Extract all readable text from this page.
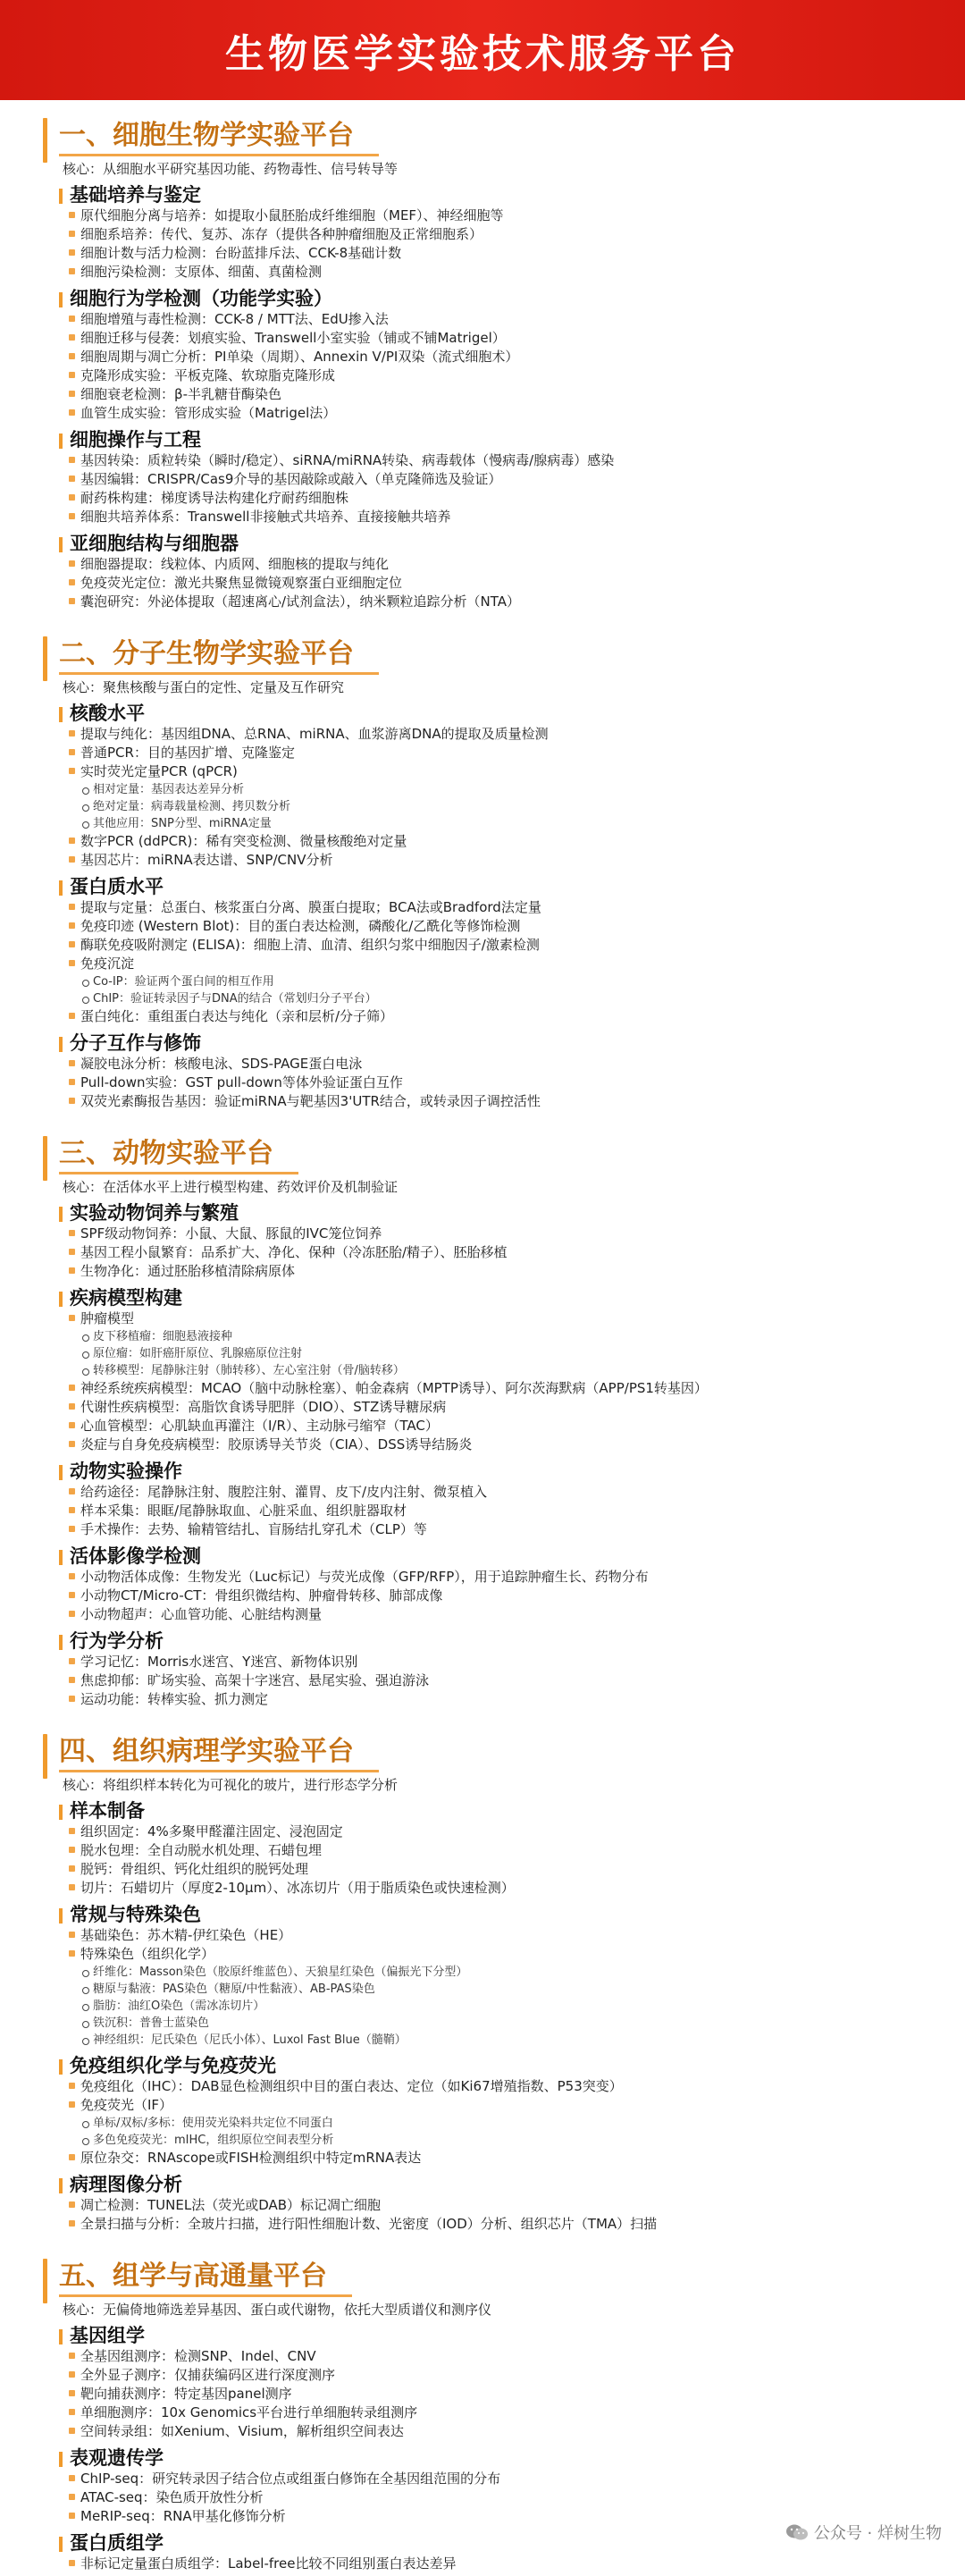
生物医学实验技术服务平台
一、细胞生物学实验平台
核心：从细胞水平研究基因功能、药物毒性、信号转导等
基础培养与鉴定
原代细胞分离与培养：如提取小鼠胚胎成纤维细胞（MEF）、神经细胞等
细胞系培养：传代、复苏、冻存（提供各种肿瘤细胞及正常细胞系）
细胞计数与活力检测：台盼蓝排斥法、CCK-8基础计数
细胞污染检测：支原体、细菌、真菌检测
细胞行为学检测（功能学实验）
细胞增殖与毒性检测：CCK-8 / MTT法、EdU掺入法
细胞迁移与侵袭：划痕实验、Transwell小室实验（铺或不铺Matrigel）
细胞周期与凋亡分析：PI单染（周期）、Annexin V/PI双染（流式细胞术）
克隆形成实验：平板克隆、软琼脂克隆形成
细胞衰老检测：β-半乳糖苷酶染色
血管生成实验：管形成实验（Matrigel法）
细胞操作与工程
基因转染：质粒转染（瞬时/稳定）、siRNA/miRNA转染、病毒载体（慢病毒/腺病毒）感染
基因编辑：CRISPR/Cas9介导的基因敲除或敲入（单克隆筛选及验证）
耐药株构建：梯度诱导法构建化疗耐药细胞株
细胞共培养体系：Transwell非接触式共培养、直接接触共培养
亚细胞结构与细胞器
细胞器提取：线粒体、内质网、细胞核的提取与纯化
免疫荧光定位：激光共聚焦显微镜观察蛋白亚细胞定位
囊泡研究：外泌体提取（超速离心/试剂盒法），纳米颗粒追踪分析（NTA）
二、分子生物学实验平台
核心：聚焦核酸与蛋白的定性、定量及互作研究
核酸水平
提取与纯化：基因组DNA、总RNA、miRNA、血浆游离DNA的提取及质量检测
普通PCR：目的基因扩增、克隆鉴定
实时荧光定量PCR (qPCR)
相对定量：基因表达差异分析
绝对定量：病毒载量检测、拷贝数分析
其他应用：SNP分型、miRNA定量
数字PCR (ddPCR)：稀有突变检测、微量核酸绝对定量
基因芯片：miRNA表达谱、SNP/CNV分析
蛋白质水平
提取与定量：总蛋白、核浆蛋白分离、膜蛋白提取；BCA法或Bradford法定量
免疫印迹 (Western Blot)：目的蛋白表达检测，磷酸化/乙酰化等修饰检测
酶联免疫吸附测定 (ELISA)：细胞上清、血清、组织匀浆中细胞因子/激素检测
免疫沉淀
Co-IP：验证两个蛋白间的相互作用
ChIP：验证转录因子与DNA的结合（常划归分子平台）
蛋白纯化：重组蛋白表达与纯化（亲和层析/分子筛）
分子互作与修饰
凝胶电泳分析：核酸电泳、SDS-PAGE蛋白电泳
Pull-down实验：GST pull-down等体外验证蛋白互作
双荧光素酶报告基因：验证miRNA与靶基因3'UTR结合，或转录因子调控活性
三、动物实验平台
核心：在活体水平上进行模型构建、药效评价及机制验证
实验动物饲养与繁殖
SPF级动物饲养：小鼠、大鼠、豚鼠的IVC笼位饲养
基因工程小鼠繁育：品系扩大、净化、保种（冷冻胚胎/精子）、胚胎移植
生物净化：通过胚胎移植清除病原体
疾病模型构建
肿瘤模型
皮下移植瘤：细胞悬液接种
原位瘤：如肝癌肝原位、乳腺癌原位注射
转移模型：尾静脉注射（肺转移）、左心室注射（骨/脑转移）
神经系统疾病模型：MCAO（脑中动脉栓塞）、帕金森病（MPTP诱导）、阿尔茨海默病（APP/PS1转基因）
代谢性疾病模型：高脂饮食诱导肥胖（DIO）、STZ诱导糖尿病
心血管模型：心肌缺血再灌注（I/R）、主动脉弓缩窄（TAC）
炎症与自身免疫病模型：胶原诱导关节炎（CIA）、DSS诱导结肠炎
动物实验操作
给药途径：尾静脉注射、腹腔注射、灌胃、皮下/皮内注射、微泵植入
样本采集：眼眶/尾静脉取血、心脏采血、组织脏器取材
手术操作：去势、输精管结扎、盲肠结扎穿孔术（CLP）等
活体影像学检测
小动物活体成像：生物发光（Luc标记）与荧光成像（GFP/RFP），用于追踪肿瘤生长、药物分布
小动物CT/Micro-CT：骨组织微结构、肿瘤骨转移、肺部成像
小动物超声：心血管功能、心脏结构测量
行为学分析
学习记忆：Morris水迷宫、Y迷宫、新物体识别
焦虑抑郁：旷场实验、高架十字迷宫、悬尾实验、强迫游泳
运动功能：转棒实验、抓力测定
四、组织病理学实验平台
核心：将组织样本转化为可视化的玻片，进行形态学分析
样本制备
组织固定：4%多聚甲醛灌注固定、浸泡固定
脱水包埋：全自动脱水机处理、石蜡包埋
脱钙：骨组织、钙化灶组织的脱钙处理
切片：石蜡切片（厚度2-10μm）、冰冻切片（用于脂质染色或快速检测）
常规与特殊染色
基础染色：苏木精-伊红染色（HE）
特殊染色（组织化学）
纤维化：Masson染色（胶原纤维蓝色）、天狼星红染色（偏振光下分型）
糖原与黏液：PAS染色（糖原/中性黏液）、AB-PAS染色
脂肪：油红O染色（需冰冻切片）
铁沉积：普鲁士蓝染色
神经组织：尼氏染色（尼氏小体）、Luxol Fast Blue（髓鞘）
免疫组织化学与免疫荧光
免疫组化（IHC）：DAB显色检测组织中目的蛋白表达、定位（如Ki67增殖指数、P53突变）
免疫荧光（IF）
单标/双标/多标：使用荧光染料共定位不同蛋白
多色免疫荧光：mIHC，组织原位空间表型分析
原位杂交：RNAscope或FISH检测组织中特定mRNA表达
病理图像分析
凋亡检测：TUNEL法（荧光或DAB）标记凋亡细胞
全景扫描与分析：全玻片扫描，进行阳性细胞计数、光密度（IOD）分析、组织芯片（TMA）扫描
五、组学与高通量平台
核心：无偏倚地筛选差异基因、蛋白或代谢物，依托大型质谱仪和测序仪
基因组学
全基因组测序：检测SNP、Indel、CNV
全外显子测序：仅捕获编码区进行深度测序
靶向捕获测序：特定基因panel测序
单细胞测序：10x Genomics平台进行单细胞转录组测序
空间转录组：如Xenium、Visium，解析组织空间表达
表观遗传学
ChIP-seq：研究转录因子结合位点或组蛋白修饰在全基因组范围的分布
ATAC-seq：染色质开放性分析
MeRIP-seq：RNA甲基化修饰分析
蛋白质组学
非标记定量蛋白质组学：Label-free比较不同组别蛋白表达差异
公众号 · 烊树生物
